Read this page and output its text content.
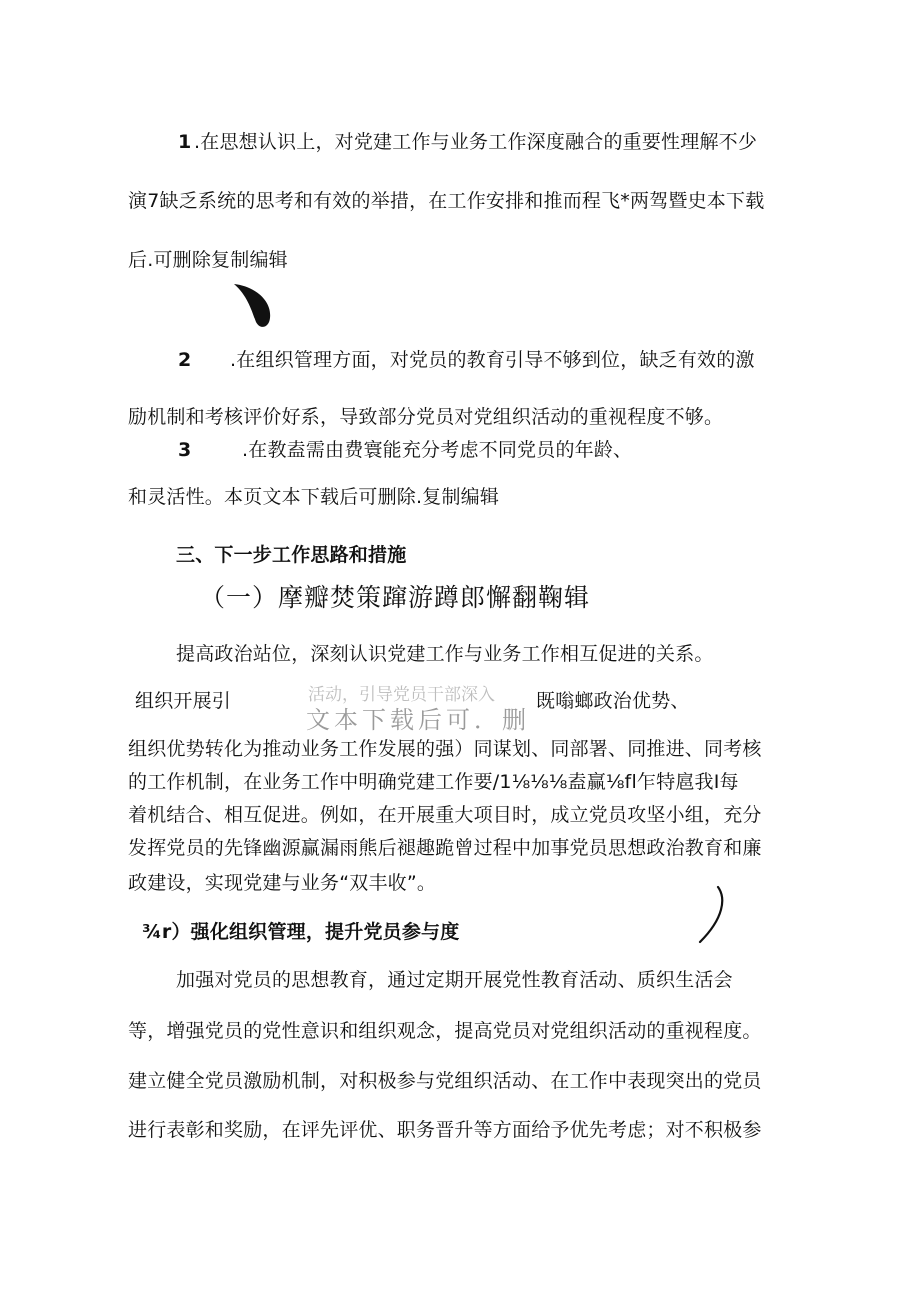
1 .在思想认识上，对党建工作与业务工作深度融合的重要性理解不少
演7缺乏系统的思考和有效的举措，在工作安排和推而程飞*两驾暨史本下载
后.可删除复制编辑
2 .在组织管理方面，对党员的教育引导不够到位，缺乏有效的激
励机制和考核评价好系，导致部分党员对党组织活动的重视程度不够。
3	.在教盍需由费寰能充分考虑不同党员的年龄、
和灵活性。本页文本下载后可删除.复制编辑
三、下一步工作思路和措施
（一）摩瓣焚策蹿游蹲郎懈翻鞠辑
提高政治站位，深刻认识党建工作与业务工作相互促进的关系。
组织开展引	活动，引导党员干部深入
文本下载后可．删
既嗡螂政治优势、
组织优势转化为推动业务工作发展的强）同谋划、同部署、同推进、同考核
的工作机制，在业务工作中明确党建工作要/1⅛⅛⅛盍赢⅛fl乍特扈我I每
着机结合、相互促进。例如，在开展重大项目时，成立党员攻坚小组，充分
发挥党员的先锋幽源赢漏雨熊后褪趣跪曾过程中加事党员思想政治教育和廉
政建设，实现党建与业务“双丰收”。
¾r）强化组织管理，提升党员参与度
加强对党员的思想教育，通过定期开展党性教育活动、质织生活会
等，增强党员的党性意识和组织观念，提高党员对党组织活动的重视程度。
建立健全党员激励机制，对积极参与党组织活动、在工作中表现突出的党员
进行表彰和奖励，在评先评优、职务晋升等方面给予优先考虑；对不积极参
